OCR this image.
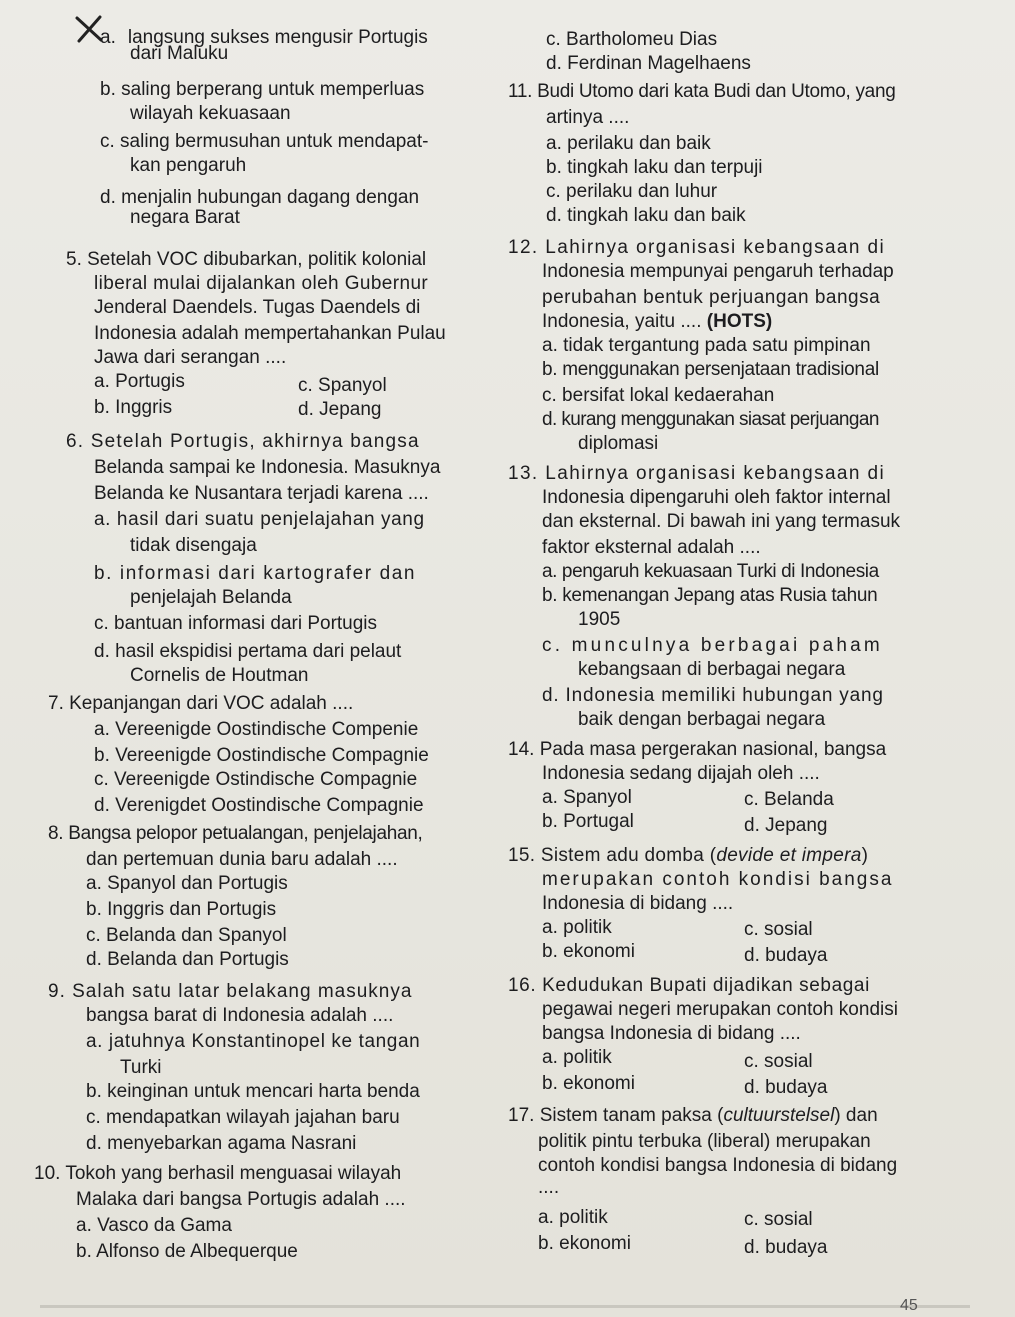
a. langsung sukses mengusir Portugis
dari Maluku
b. saling berperang untuk memperluas
wilayah kekuasaan
c. saling bermusuhan untuk mendapat-
kan pengaruh
d. menjalin hubungan dagang dengan
negara Barat
5. Setelah VOC dibubarkan, politik kolonial
liberal mulai dijalankan oleh Gubernur
Jenderal Daendels. Tugas Daendels di
Indonesia adalah mempertahankan Pulau
Jawa dari serangan ....
a. Portugis	c. Spanyol
b. Inggris	d. Jepang
6. Setelah Portugis, akhirnya bangsa
Belanda sampai ke Indonesia. Masuknya
Belanda ke Nusantara terjadi karena ....
a. hasil dari suatu penjelajahan yang
tidak disengaja
b. informasi dari kartografer dan
penjelajah Belanda
c. bantuan informasi dari Portugis
d. hasil ekspidisi pertama dari pelaut
Cornelis de Houtman
7. Kepanjangan dari VOC adalah ....
a. Vereenigde Oostindische Compenie
b. Vereenigde Oostindische Compagnie
c. Vereenigde Ostindische Compagnie
d. Verenigdet Oostindische Compagnie
8. Bangsa pelopor petualangan, penjelajahan,
dan pertemuan dunia baru adalah ....
a. Spanyol dan Portugis
b. Inggris dan Portugis
c. Belanda dan Spanyol
d. Belanda dan Portugis
9. Salah satu latar belakang masuknya
bangsa barat di Indonesia adalah ....
a. jatuhnya Konstantinopel ke tangan
Turki
b. keinginan untuk mencari harta benda
c. mendapatkan wilayah jajahan baru
d. menyebarkan agama Nasrani
10. Tokoh yang berhasil menguasai wilayah
Malaka dari bangsa Portugis adalah ....
a. Vasco da Gama
b. Alfonso de Albequerque
c. Bartholomeu Dias
d. Ferdinan Magelhaens
11. Budi Utomo dari kata Budi dan Utomo, yang
artinya ....
a. perilaku dan baik
b. tingkah laku dan terpuji
c. perilaku dan luhur
d. tingkah laku dan baik
12. Lahirnya organisasi kebangsaan di
Indonesia mempunyai pengaruh terhadap
perubahan bentuk perjuangan bangsa
Indonesia, yaitu .... (HOTS)
a. tidak tergantung pada satu pimpinan
b. menggunakan persenjataan tradisional
c. bersifat lokal kedaerahan
d. kurang menggunakan siasat perjuangan
diplomasi
13. Lahirnya organisasi kebangsaan di
Indonesia dipengaruhi oleh faktor internal
dan eksternal. Di bawah ini yang termasuk
faktor eksternal adalah ....
a. pengaruh kekuasaan Turki di Indonesia
b. kemenangan Jepang atas Rusia tahun
1905
c. munculnya berbagai paham
kebangsaan di berbagai negara
d. Indonesia memiliki hubungan yang
baik dengan berbagai negara
14. Pada masa pergerakan nasional, bangsa
Indonesia sedang dijajah oleh ....
a. Spanyol	c. Belanda
b. Portugal	d. Jepang
15. Sistem adu domba (devide et impera)
merupakan contoh kondisi bangsa
Indonesia di bidang ....
a. politik	c. sosial
b. ekonomi	d. budaya
16. Kedudukan Bupati dijadikan sebagai
pegawai negeri merupakan contoh kondisi
bangsa Indonesia di bidang ....
a. politik	c. sosial
b. ekonomi	d. budaya
17. Sistem tanam paksa (cultuurstelsel) dan
politik pintu terbuka (liberal) merupakan
contoh kondisi bangsa Indonesia di bidang
....
a. politik	c. sosial
b. ekonomi	d. budaya
45
